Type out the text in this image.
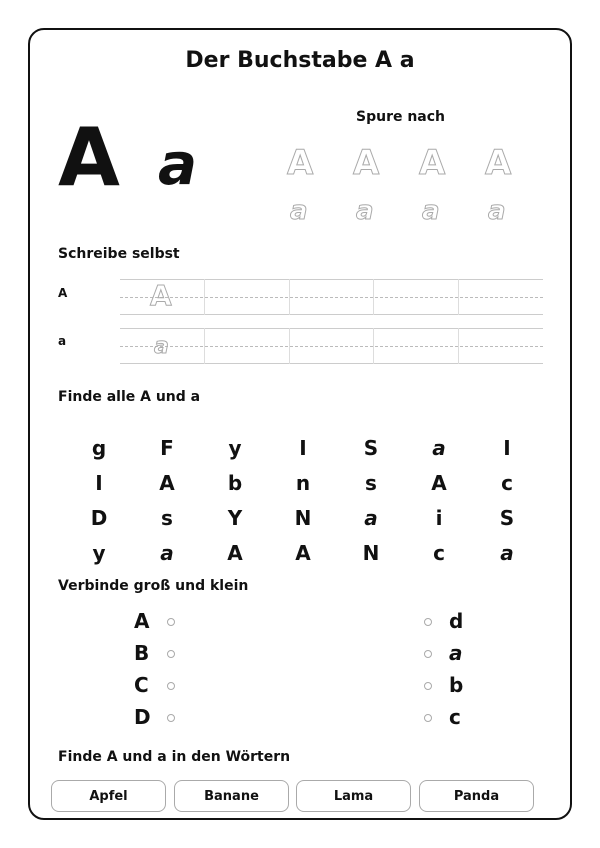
Der Buchstabe A a
A a
Spure nach
A A A A
a a a a
Schreibe selbst
A	A
a	a
Finde alle A und a
g	F	y	I	S	a	I
I	A	b	n	s	A	c
D	s	Y	N	a	i	S
y	a	A	A	N	c	a
Verbinde groß und klein
A	d
B	a
C	b
D	c
Finde A und a in den Wörtern
Apfel	Banane	Lama	Panda
